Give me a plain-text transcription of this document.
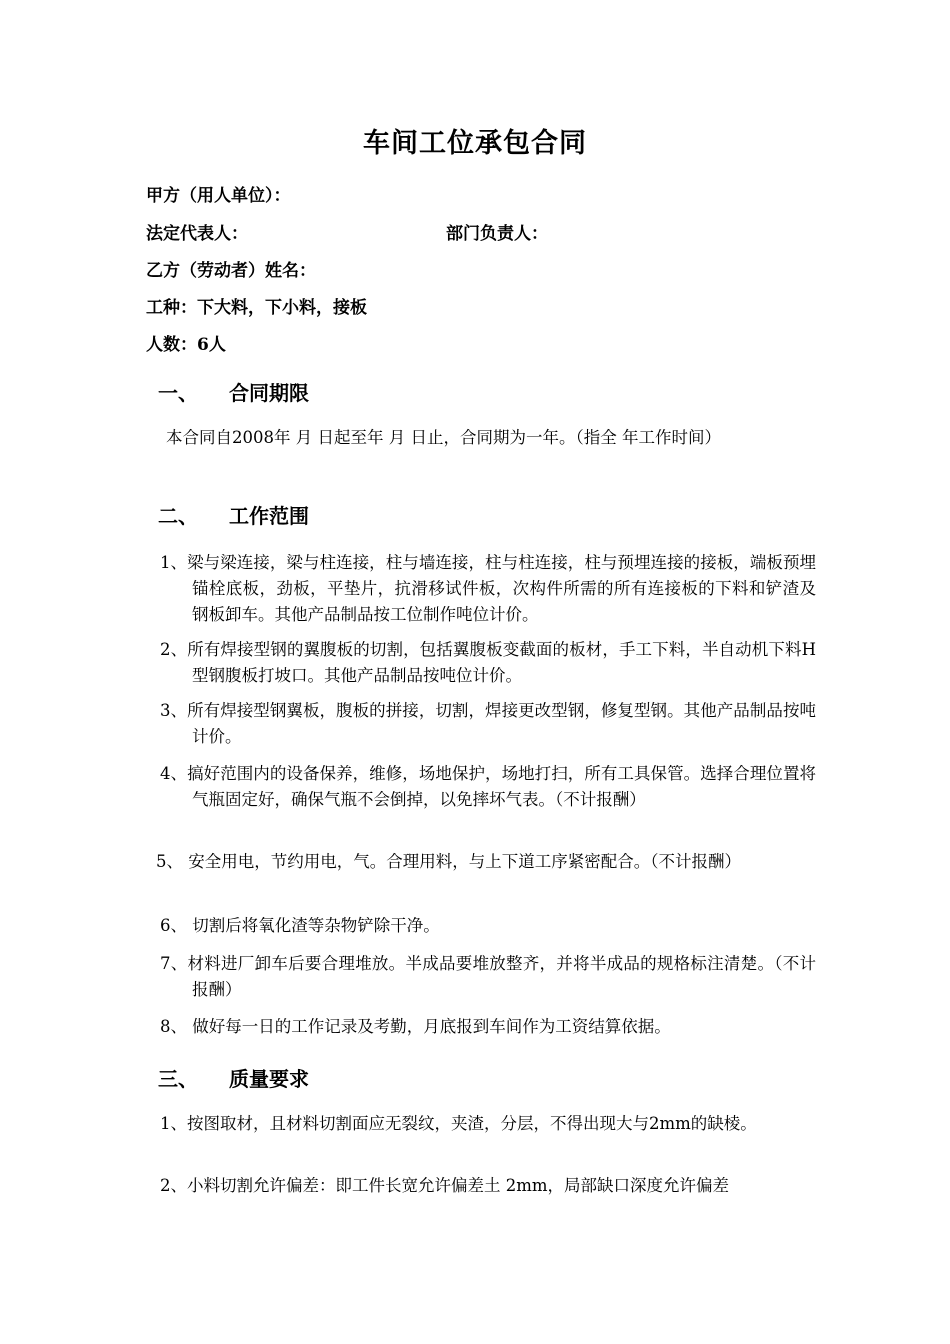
车间工位承包合同
甲方（用人单位）：
法定代表人：	部门负责人：
乙方（劳动者）姓名：
工种：下大料，下小料，接板
人数：6人
一、 合同期限
本合同自2008年 月 日起至年 月 日止，合同期为一年。（指全 年工作时间）
二、 工作范围
1、梁与梁连接，梁与柱连接，柱与墙连接，柱与柱连接，柱与预埋连接的接板，端板预埋锚栓底板，劲板，平垫片，抗滑移试件板，次构件所需的所有连接板的下料和铲渣及钢板卸车。其他产品制品按工位制作吨位计价。
2、所有焊接型钢的翼腹板的切割，包括翼腹板变截面的板材，手工下料，半自动机下料H型钢腹板打坡口。其他产品制品按吨位计价。
3、所有焊接型钢翼板，腹板的拼接，切割，焊接更改型钢，修复型钢。其他产品制品按吨计价。
4、搞好范围内的设备保养，维修，场地保护，场地打扫，所有工具保管。选择合理位置将气瓶固定好，确保气瓶不会倒掉，以免摔坏气表。（不计报酬）
5、 安全用电，节约用电，气。合理用料，与上下道工序紧密配合。（不计报酬）
6、 切割后将氧化渣等杂物铲除干净。
7、材料进厂卸车后要合理堆放。半成品要堆放整齐，并将半成品的规格标注清楚。（不计报酬）
8、 做好每一日的工作记录及考勤，月底报到车间作为工资结算依据。
三、 质量要求
1、按图取材，且材料切割面应无裂纹，夹渣，分层，不得出现大与2mm的缺棱。
2、小料切割允许偏差：即工件长宽允许偏差土 2mm，局部缺口深度允许偏差
